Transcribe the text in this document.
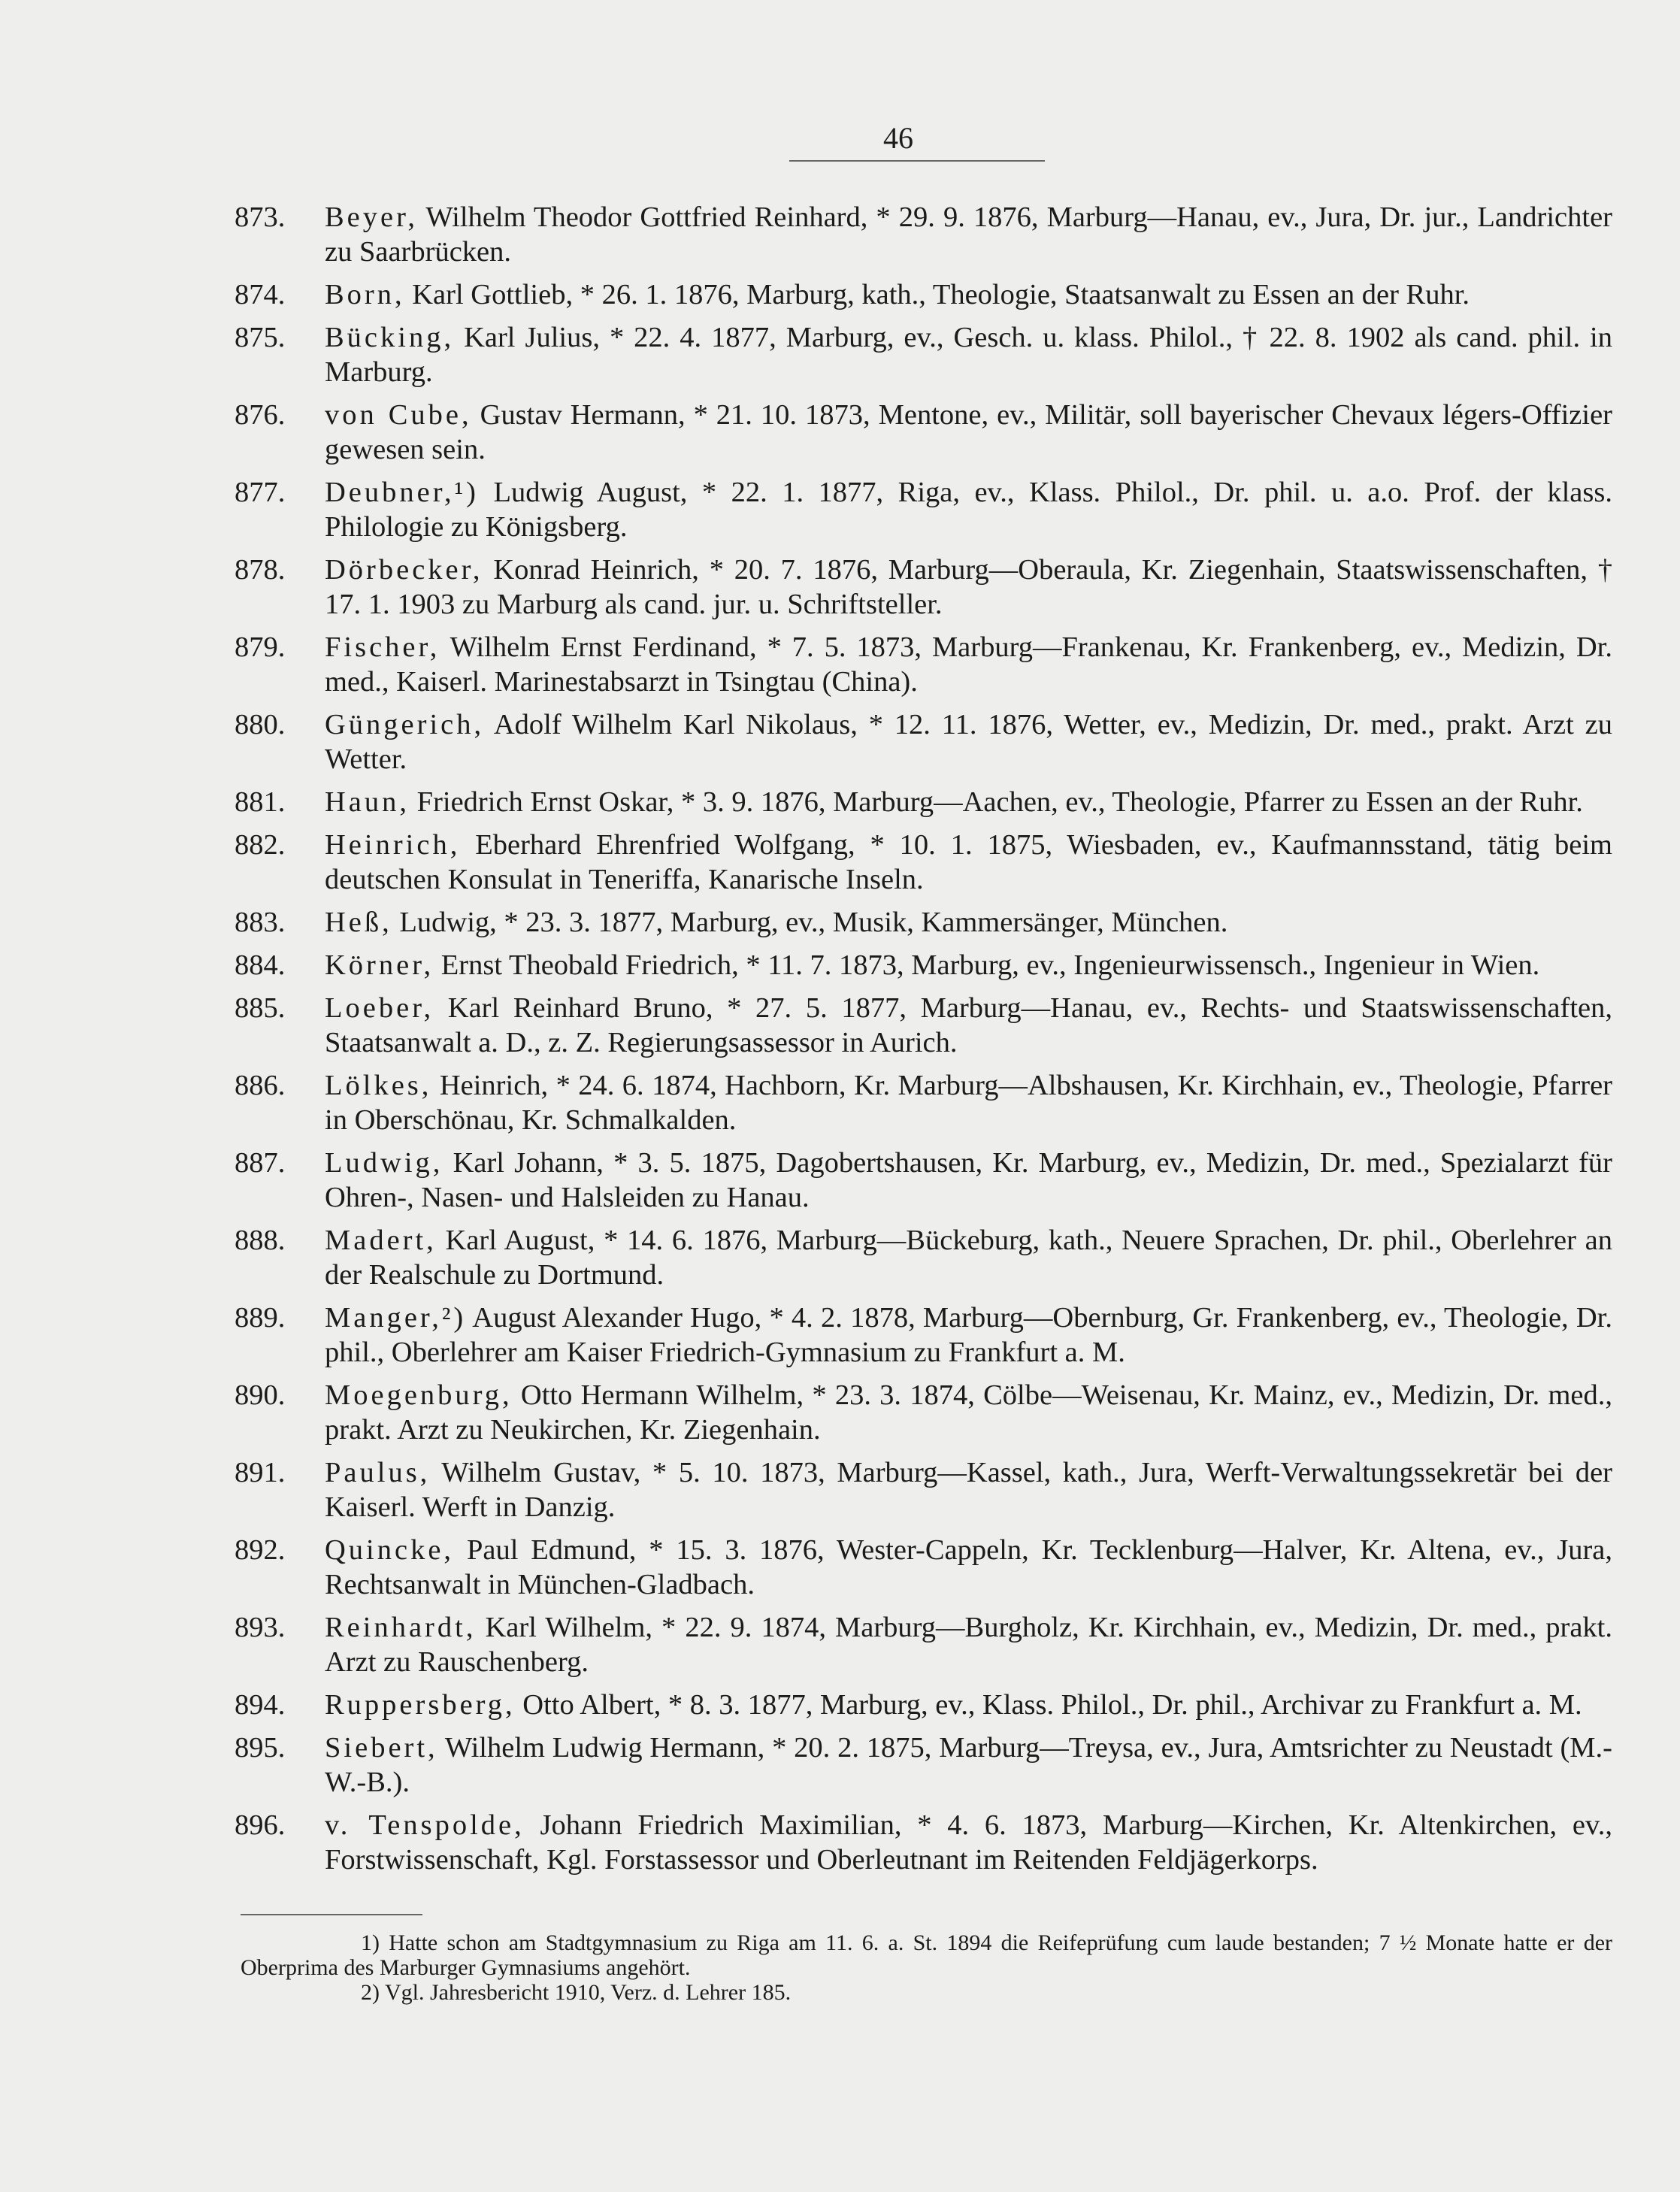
46
873.	Beyer, Wilhelm Theodor Gottfried Reinhard, * 29. 9. 1876, Marburg—Hanau, ev., Jura, Dr. jur., Landrichter zu Saarbrücken.
874.	Born, Karl Gottlieb, * 26. 1. 1876, Marburg, kath., Theologie, Staatsanwalt zu Essen an der Ruhr.
875.	Bücking, Karl Julius, * 22. 4. 1877, Marburg, ev., Gesch. u. klass. Philol., † 22. 8. 1902 als cand. phil. in Marburg.
876.	von Cube, Gustav Hermann, * 21. 10. 1873, Mentone, ev., Militär, soll bayerischer Chevaux légers-Offizier gewesen sein.
877.	Deubner,¹) Ludwig August, * 22. 1. 1877, Riga, ev., Klass. Philol., Dr. phil. u. a.o. Prof. der klass. Philologie zu Königsberg.
878.	Dörbecker, Konrad Heinrich, * 20. 7. 1876, Marburg—Oberaula, Kr. Ziegenhain, Staatswissenschaften, † 17. 1. 1903 zu Marburg als cand. jur. u. Schriftsteller.
879.	Fischer, Wilhelm Ernst Ferdinand, * 7. 5. 1873, Marburg—Frankenau, Kr. Frankenberg, ev., Medizin, Dr. med., Kaiserl. Marinestabsarzt in Tsingtau (China).
880.	Güngerich, Adolf Wilhelm Karl Nikolaus, * 12. 11. 1876, Wetter, ev., Medizin, Dr. med., prakt. Arzt zu Wetter.
881.	Haun, Friedrich Ernst Oskar, * 3. 9. 1876, Marburg—Aachen, ev., Theologie, Pfarrer zu Essen an der Ruhr.
882.	Heinrich, Eberhard Ehrenfried Wolfgang, * 10. 1. 1875, Wiesbaden, ev., Kaufmannsstand, tätig beim deutschen Konsulat in Teneriffa, Kanarische Inseln.
883.	Heß, Ludwig, * 23. 3. 1877, Marburg, ev., Musik, Kammersänger, München.
884.	Körner, Ernst Theobald Friedrich, * 11. 7. 1873, Marburg, ev., Ingenieurwissensch., Ingenieur in Wien.
885.	Loeber, Karl Reinhard Bruno, * 27. 5. 1877, Marburg—Hanau, ev., Rechts- und Staatswissenschaften, Staatsanwalt a. D., z. Z. Regierungsassessor in Aurich.
886.	Lölkes, Heinrich, * 24. 6. 1874, Hachborn, Kr. Marburg—Albshausen, Kr. Kirchhain, ev., Theologie, Pfarrer in Oberschönau, Kr. Schmalkalden.
887.	Ludwig, Karl Johann, * 3. 5. 1875, Dagobertshausen, Kr. Marburg, ev., Medizin, Dr. med., Spezialarzt für Ohren-, Nasen- und Halsleiden zu Hanau.
888.	Madert, Karl August, * 14. 6. 1876, Marburg—Bückeburg, kath., Neuere Sprachen, Dr. phil., Oberlehrer an der Realschule zu Dortmund.
889.	Manger,²) August Alexander Hugo, * 4. 2. 1878, Marburg—Obernburg, Gr. Frankenberg, ev., Theologie, Dr. phil., Oberlehrer am Kaiser Friedrich-Gymnasium zu Frankfurt a. M.
890.	Moegenburg, Otto Hermann Wilhelm, * 23. 3. 1874, Cölbe—Weisenau, Kr. Mainz, ev., Medizin, Dr. med., prakt. Arzt zu Neukirchen, Kr. Ziegenhain.
891.	Paulus, Wilhelm Gustav, * 5. 10. 1873, Marburg—Kassel, kath., Jura, Werft-Verwaltungssekretär bei der Kaiserl. Werft in Danzig.
892.	Quincke, Paul Edmund, * 15. 3. 1876, Wester-Cappeln, Kr. Tecklenburg—Halver, Kr. Altena, ev., Jura, Rechtsanwalt in München-Gladbach.
893.	Reinhardt, Karl Wilhelm, * 22. 9. 1874, Marburg—Burgholz, Kr. Kirchhain, ev., Medizin, Dr. med., prakt. Arzt zu Rauschenberg.
894.	Ruppersberg, Otto Albert, * 8. 3. 1877, Marburg, ev., Klass. Philol., Dr. phil., Archivar zu Frankfurt a. M.
895.	Siebert, Wilhelm Ludwig Hermann, * 20. 2. 1875, Marburg—Treysa, ev., Jura, Amtsrichter zu Neustadt (M.-W.-B.).
896.	v. Tenspolde, Johann Friedrich Maximilian, * 4. 6. 1873, Marburg—Kirchen, Kr. Altenkirchen, ev., Forstwissenschaft, Kgl. Forstassessor und Oberleutnant im Reitenden Feldjägerkorps.
1) Hatte schon am Stadtgymnasium zu Riga am 11. 6. a. St. 1894 die Reifeprüfung cum laude bestanden; 7 ½ Monate hatte er der Oberprima des Marburger Gymnasiums angehört.
2) Vgl. Jahresbericht 1910, Verz. d. Lehrer 185.
